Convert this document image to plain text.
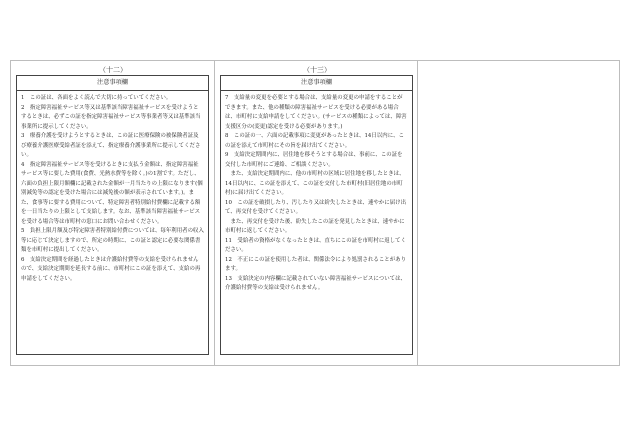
（十二）
注意事項欄

1　この証は、各面をよく読んで大切に持っていてください。

2　指定障害福祉サービス等又は基準該当障害福祉サービスを受けようとするときは、必ずこの証を指定障害福祉サービス等事業者等又は基準該当事業所に提示してください。

3　療養介護を受けようとするときは、この証に医療保険の被保険者証及び療養介護医療受給者証を添えて、指定療養介護事業所に提示してください。

4　指定障害福祉サービス等を受けるときに支払う金額は、指定障害福祉サービス等に要した費用(食費、光熱水費等を除く。)の1割です。ただし、六面の負担上限月額欄に記載された金額が一月当たりの上限になります(個別減免等の認定を受けた場合には減免後の額が表示されています。)。また、食事等に要する費用について、特定障害者特別給付費欄に記載する額を一日当たりの上限として支給します。なお、基準該当障害福祉サービスを受ける場合等は市町村の窓口にお問い合わせください。

5　負担上限月額及び特定障害者特別給付費については、毎年利用者の収入等に応じて決定しますので、所定の時期に、この証と認定に必要な関係書類を市町村に提出してください。

6　支給決定期間を経過したときは介護給付費等の支給を受けられませんので、支給決定期間を延長する前に、市町村にこの証を添えて、支給の再申請をしてください。

（十三）
注意事項欄

7　支給量の変更を必要とする場合は、支給量の変更の申請をすることができます。また、他の種類の障害福祉サービスを受ける必要がある場合は、市町村に支給申請をしてください。(サービスの種類によっては、障害支援区分の(変更)認定を受ける必要があります。)

8　この証の一、六面の記載事項に変更があったときは、14日以内に、この証を添えて市町村にその旨を届け出てください。

9　支給決定期間内に、居住地を移そうとする場合は、事前に、この証を交付した市町村にご連絡、ご相談ください。

　また、支給決定期間内に、他の市町村の区域に居住地を移したときは、14日以内に、この証を添えて、この証を交付した市町村(旧居住地の市町村)に届け出てください。

10　この証を破損したり、汚したり又は紛失したときは、速やかに届け出て、再交付を受けてください。

　また、再交付を受けた後、紛失したこの証を発見したときは、速やかに市町村に返してください。

11　受給者の資格がなくなったときは、直ちにこの証を市町村に返してください。

12　不正にこの証を使用した者は、関係法令により処罰されることがあります。

13　支給決定の内容欄に記載されていない障害福祉サービスについては、介護給付費等の支給は受けられません。
